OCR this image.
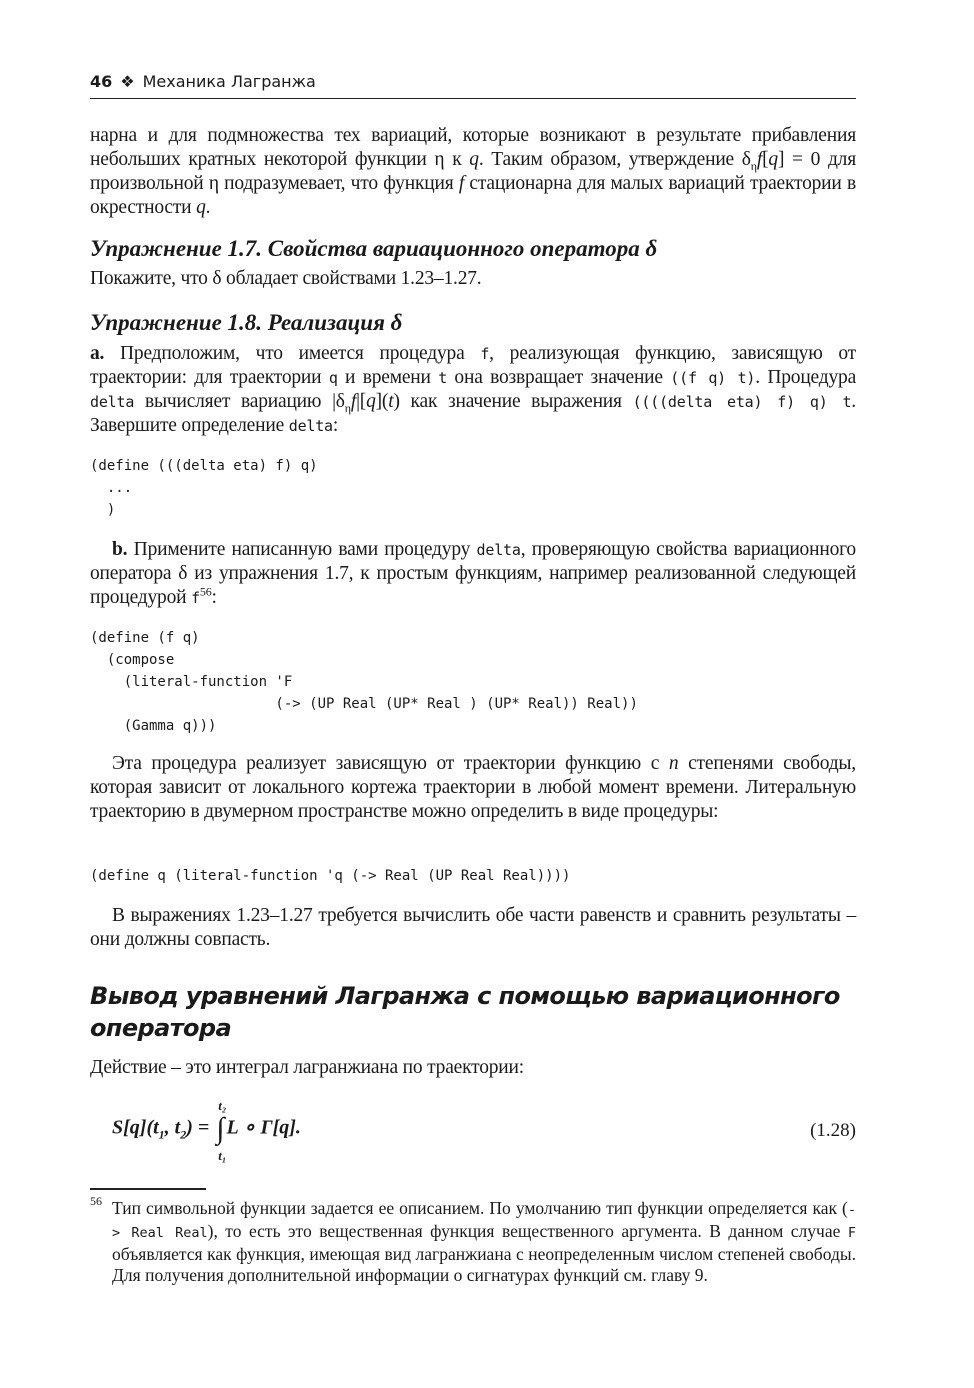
46 ❖ Механика Лагранжа
нарна и для подмножества тех вариаций, которые возникают в результате прибавления небольших кратных некоторой функции η к q. Таким образом, утверждение $\delta_\eta f[q] = 0$ для произвольной η подразумевает, что функция f стационарна для малых вариаций траектории в окрестности q.
Упражнение 1.7. Свойства вариационного оператора δ
Покажите, что δ обладает свойствами 1.23–1.27.
Упражнение 1.8. Реализация δ
a. Предположим, что имеется процедура f, реализующая функцию, зависящую от траектории: для траектории q и времени t она возвращает значение ((f q) t). Процедура delta вычисляет вариацию $|\delta_\eta f|[q](t)$ как значение выражения ((((delta eta) f) q) t. Завершите определение delta:
(define (((delta eta) f) q)
...
)
b. Примените написанную вами процедуру delta, проверяющую свойства вариационного оператора δ из упражнения 1.7, к простым функциям, например реализованной следующей процедурой $f^{56}$:
(define (f q)
(compose
(literal-function 'F
(-> (UP Real (UP* Real ) (UP* Real)) Real))
(Gamma q)))
Эта процедура реализует зависящую от траектории функцию с n степенями свободы, которая зависит от локального кортежа траектории в любой момент времени. Литеральную траекторию в двумерном пространстве можно определить в виде процедуры:
(define q (literal-function 'q (-> Real (UP Real Real))))
В выражениях 1.23–1.27 требуется вычислить обе части равенств и сравнить результаты – они должны совпасть.
Вывод уравнений Лагранжа с помощью вариационного оператора
Действие – это интеграл лагранжиана по траектории:
$S[q](t_1$, $t_2$) = ∫
t₂
t₁
L ∘ Γ[q].	(1.28)
56 Тип символьной функции задается ее описанием. По умолчанию тип функции определяется как (-> Real Real), то есть это вещественная функция вещественного аргумента. В данном случае F объявляется как функция, имеющая вид лагранжиана с неопределенным числом степеней свободы. Для получения дополнительной информации о сигнатурах функций см. главу 9.
